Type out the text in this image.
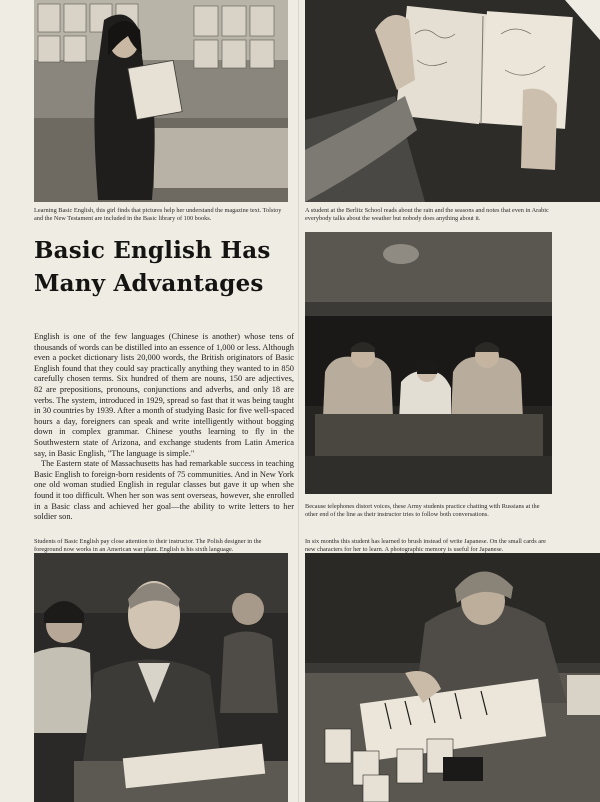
Learning Basic English, this girl finds that pictures help her understand the magazine text. Tolstoy and the New Testament are included in the Basic library of 100 books.

A student at the Berlitz School reads about the rain and the seasons and notes that even in Arabic everybody talks about the weather but nobody does anything about it.

Basic English Has
Many Advantages

English is one of the few languages (Chinese is another) whose tens of thousands of words can be distilled into an essence of 1,000 or less. Although even a pocket dictionary lists 20,000 words, the British originators of Basic English found that they could say practically anything they wanted to in 850 carefully chosen terms. Six hundred of them are nouns, 150 are adjectives, 82 are prepositions, pronouns, conjunctions and adverbs, and only 18 are verbs. The system, introduced in 1929, spread so fast that it was being taught in 30 countries by 1939. After a month of studying Basic for five well-spaced hours a day, foreigners can speak and write intelligently without bogging down in complex grammar. Chinese youths learning to fly in the Southwestern state of Arizona, and exchange students from Latin America say, in Basic English, "The language is simple."

The Eastern state of Massachusetts has had remarkable success in teaching Basic English to foreign-born residents of 75 communities. And in New York one old woman studied English in regular classes but gave it up when she found it too difficult. When her son was sent overseas, however, she enrolled in a Basic class and achieved her goal—the ability to write letters to her soldier son.

Because telephones distort voices, these Army students practice chatting with Russians at the other end of the line as their instructor tries to follow both conversations.

Students of Basic English pay close attention to their instructor. The Polish designer in the foreground now works in an American war plant. English is his sixth language.

In six months this student has learned to brush instead of write Japanese. On the small cards are new characters for her to learn. A photographic memory is useful for Japanese.
